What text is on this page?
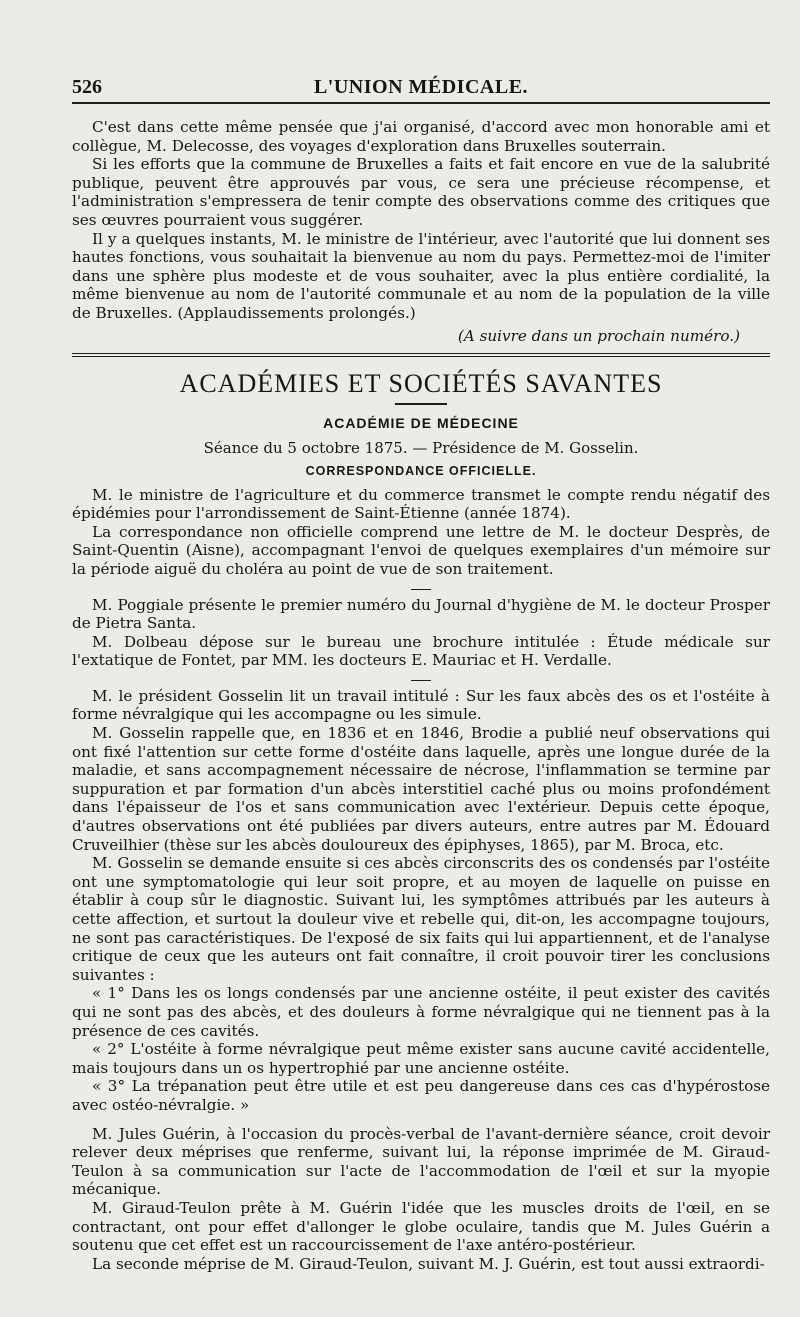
526	L'UNION MÉDICALE.

C'est dans cette même pensée que j'ai organisé, d'accord avec mon honorable ami et collègue, M. Delecosse, des voyages d'exploration dans Bruxelles souterrain.

Si les efforts que la commune de Bruxelles a faits et fait encore en vue de la salubrité publique, peuvent être approuvés par vous, ce sera une précieuse récompense, et l'administration s'empressera de tenir compte des observations comme des critiques que ses œuvres pourraient vous suggérer.

Il y a quelques instants, M. le ministre de l'intérieur, avec l'autorité que lui donnent ses hautes fonctions, vous souhaitait la bienvenue au nom du pays. Permettez-moi de l'imiter dans une sphère plus modeste et de vous souhaiter, avec la plus entière cordialité, la même bienvenue au nom de l'autorité communale et au nom de la population de la ville de Bruxelles. (Applaudissements prolongés.)

(A suivre dans un prochain numéro.)
ACADÉMIES ET SOCIÉTÉS SAVANTES
ACADÉMIE DE MÉDECINE
Séance du 5 octobre 1875. — Présidence de M. Gosselin.
CORRESPONDANCE OFFICIELLE.

M. le ministre de l'agriculture et du commerce transmet le compte rendu négatif des épidémies pour l'arrondissement de Saint-Étienne (année 1874).

La correspondance non officielle comprend une lettre de M. le docteur Desprès, de Saint-Quentin (Aisne), accompagnant l'envoi de quelques exemplaires d'un mémoire sur la période aiguë du choléra au point de vue de son traitement.

M. Poggiale présente le premier numéro du Journal d'hygiène de M. le docteur Prosper de Pietra Santa.

M. Dolbeau dépose sur le bureau une brochure intitulée : Étude médicale sur l'extatique de Fontet, par MM. les docteurs E. Mauriac et H. Verdalle.

M. le président Gosselin lit un travail intitulé : Sur les faux abcès des os et l'ostéite à forme névralgique qui les accompagne ou les simule.

M. Gosselin rappelle que, en 1836 et en 1846, Brodie a publié neuf observations qui ont fixé l'attention sur cette forme d'ostéite dans laquelle, après une longue durée de la maladie, et sans accompagnement nécessaire de nécrose, l'inflammation se termine par suppuration et par formation d'un abcès interstitiel caché plus ou moins profondément dans l'épaisseur de l'os et sans communication avec l'extérieur. Depuis cette époque, d'autres observations ont été publiées par divers auteurs, entre autres par M. Édouard Cruveilhier (thèse sur les abcès douloureux des épiphyses, 1865), par M. Broca, etc.

M. Gosselin se demande ensuite si ces abcès circonscrits des os condensés par l'ostéite ont une symptomatologie qui leur soit propre, et au moyen de laquelle on puisse en établir à coup sûr le diagnostic. Suivant lui, les symptômes attribués par les auteurs à cette affection, et surtout la douleur vive et rebelle qui, dit-on, les accompagne toujours, ne sont pas caractéristiques. De l'exposé de six faits qui lui appartiennent, et de l'analyse critique de ceux que les auteurs ont fait connaître, il croit pouvoir tirer les conclusions suivantes :

« 1° Dans les os longs condensés par une ancienne ostéite, il peut exister des cavités qui ne sont pas des abcès, et des douleurs à forme névralgique qui ne tiennent pas à la présence de ces cavités.

« 2° L'ostéite à forme névralgique peut même exister sans aucune cavité accidentelle, mais toujours dans un os hypertrophié par une ancienne ostéite.

« 3° La trépanation peut être utile et est peu dangereuse dans ces cas d'hypérostose avec ostéo-névralgie. »

M. Jules Guérin, à l'occasion du procès-verbal de l'avant-dernière séance, croit devoir relever deux méprises que renferme, suivant lui, la réponse imprimée de M. Giraud-Teulon à sa communication sur l'acte de l'accommodation de l'œil et sur la myopie mécanique.

M. Giraud-Teulon prête à M. Guérin l'idée que les muscles droits de l'œil, en se contractant, ont pour effet d'allonger le globe oculaire, tandis que M. Jules Guérin a soutenu que cet effet est un raccourcissement de l'axe antéro-postérieur.

La seconde méprise de M. Giraud-Teulon, suivant M. J. Guérin, est tout aussi extraordi-
